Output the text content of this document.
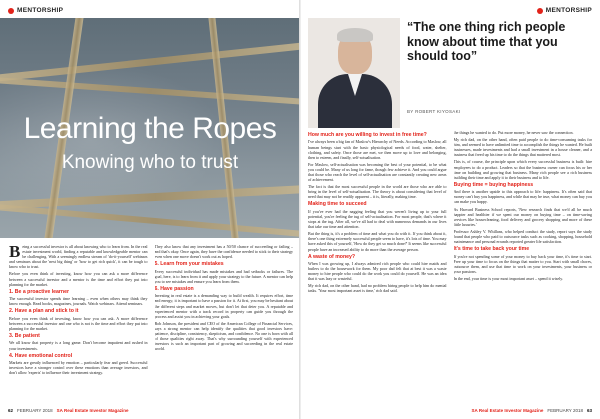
MENTORSHIP
Learning the Ropes
Knowing who to trust

Being a successful investor is all about knowing who to learn from. In the real estate investment world, finding a reputable and knowledgeable mentor can be challenging. With a seemingly endless stream of 'do-it-yourself' webinars and seminars about the 'next big thing' or 'how to get rich quick', it can be tough to know who to trust.

Before you even think of investing, know how you can ask a more difference between a successful investor and a mentor is the time and effort they put into planning for the market.

1. Be a proactive learner

The successful investor spends time learning – even when others may think they know enough. Read books, magazines, journals. Watch webinars. Attend seminars.

2. Have a plan and stick to it

Before you even think of investing, know how you can ask. A more difference between a successful investor and one who is not is the time and effort they put into planning for the market.

3. Be patient

We all know that property is a long game. Don't become impatient and rushed in your investments.

4. Have emotional control

Markets are greatly influenced by emotion – particularly fear and greed. Successful investors have a stronger control over these emotions than average investors, and don't allow 'experts' to influence their investment strategy.

They also know that any investment has a 50/50 chance of succeeding or failing – and that's okay. Once again, they have the confidence needed to stick to their strategy even when one move doesn't work out as hoped.

5. Learn from your mistakes

Every successful individual has made mistakes and had setbacks or failures. The goal, here, is to learn from it and apply your strategy to the future. A mentor can help you to see mistakes and ensure you learn from them.

6. Have passion

Investing in real estate is a demanding way to build wealth. It requires effort, time and energy; it is important to have a passion for it. At first, you may be hesitant about the different steps and market moves, but don't let that deter you. A reputable and experienced mentor with a track record in property can guide you through the process and assist you in achieving your goals.

Bob Johnson, the president and CEO of the American College of Financial Services, says a strong mentor can help identify the qualities that good investors have: patience, discipline, consistency, skepticism, and confidence. No one is born with all of those qualities right away. That's why surrounding yourself with experienced investors is such an important part of growing and succeeding in the real estate world.

62 FEBRUARY 2018 SA Real Estate Investor Magazine
MENTORSHIP
“The one thing rich people know about time that you should too”
BY ROBERT KIYOSAKI
How much are you willing to invest in free time?

I've always been a big fan of Maslow's Hierarchy of Needs. According to Maslow, all human beings start with the basic physiological needs of food, water, shelter, clothing, and safety. Once those are met, we then move up to love and belonging, then to esteem, and finally, self-actualisation.

For Maslow, self-actualisation was becoming the best of your potential, to be what you could be. Many of us long for fame, though few achieve it. And you could argue that those who reach the level of self-actualisation are constantly creating new areas of achievement.

The fact is that the most successful people in the world are those who are able to bring in the level of self-actualisation. The theory is about considering that level of need that may not be readily apparent – it is, literally, making time.

Making time to succeed

If you've ever had the nagging feeling that you weren't living up to your full potential, you're feeling the tug of self-actualisation. For most people, that's where it stops at the tug. After all, we've all had to deal with numerous demands in our lives that take our time and attention.

But the thing is, it's a problem of time and what you do with it. If you think about it, there's one thing extremely successful people seem to have, it's lots of time. You may have asked this of yourself, 'How do they get so much done?' It seems like successful people have an increased ability to do more than the average person.

A waste of money?

When I was growing up, I always admired rich people who could hire maids and butlers to do the housework for them. My poor dad felt that at best it was a waste money to hire people who could do the work you could do yourself. He was an idea that it was lazy or wasteful.

My rich dad, on the other hand, had no problem hiring people to help him do menial tasks. 'Your most important asset is time,' rich dad said.

the things he wanted to do. Put more money, he never saw the connection.

My rich dad, on the other hand, often paid people to do time-consuming tasks for him, and seemed to have unlimited time to accomplish the things he wanted. He built businesses, made investments and had a small investment in a house cleaner, and a business that freed up his time to do the things that mattered most.

This is, of course, the principle upon which every successful business is built: hire employees to do a product. Leaders so that the business owner can focus his or her time on building and growing that business. Many rich people see a rich business building their time and apply it to their business and to life.

Buying time = buying happiness

And there is another upside to this approach to life: happiness. It's often said that money can't buy you happiness, and while that may be true, what money can buy you can make you happy.

As Harvard Business School reports, 'New research finds that we'd all be much happier and healthier if we spent our money on buying time – on time-saving services like housecleaning, food delivery and grocery shopping and more of these little luxuries.'

Professor Ashley V. Whillans, who helped conduct the study, report says the study found that people who paid to outsource tasks such as cooking, shopping, household maintenance and personal errands reported greater life satisfaction.

It's time to take back your time

If you're not spending some of your money to buy back your time, it's time to start. Free up your time to focus on the things that matter to you. Start with small chores, outsource them, and use that time to work on your investments, your business or your passions.

In the end, your time is your most important asset – spend it wisely.

SA Real Estate Investor Magazine FEBRUARY 2018 63
